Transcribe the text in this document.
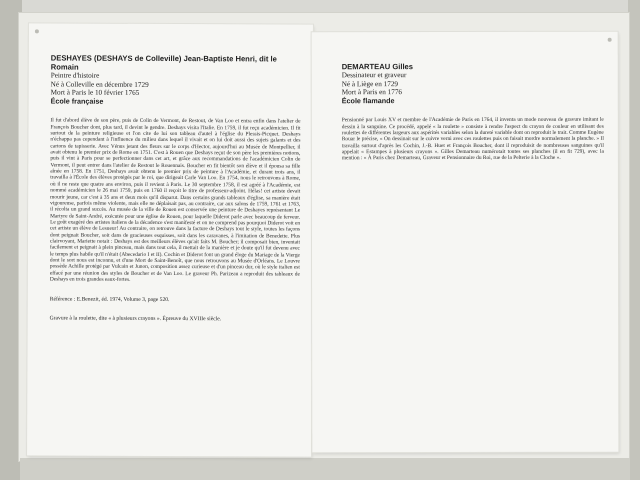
DESHAYES (DESHAYS de Colleville) Jean-Baptiste Henri, dit le Romain
Peintre d'histoire
Né à Colleville en décembre 1729
Mort à Paris le 10 février 1765
École française

Il fut d'abord élève de son père, puis de Colin de Vermont, de Restout, de Van Loo et entra enfin dans l'atelier de François Boucher dont, plus tard, il devint le gendre. Deshays visita l'Italie. En 1759, il fut reçu académicien. Il fit surtout de la peinture religieuse et l'on cite de lui son tableau d'autel à l'église du Plessis-Picquet. Deshays n'échappa pas cependant à l'influence du milieu dans lequel il vivait et on lui doit aussi des sujets galants et des cartons de tapisserie. Avec Vénus jetant des fleurs sur le corps d'Hector, aujourd'hui au Musée de Montpellier, il avait obtenu le premier prix de Rome en 1751. C'est à Rouen que Deshays reçut de son père les premières notions, puis il vint à Paris pour se perfectionner dans cet art, et grâce aux recommandations de l'académicien Colin de Vermont, il peut entrer dans l'atelier de Restout le Rouennais. Boucher en fit bientôt son élève et il épousa sa fille aînée en 1758. En 1751, Deshays avait obtenu le premier prix de peinture à l'Académie, et durant trois ans, il travailla à l'École des élèves protégés par le roi, que dirigeait Carle Van Loo. En 1754, nous le retrouvons à Rome, où il ne reste que quatre ans environ, puis il revient à Paris. Le 30 septembre 1758, il est agréé à l'Académie, est nommé académicien le 26 mai 1759, puis en 1760 il reçoit le titre de professeur-adjoint. Hélas! cet artiste devait mourir jeune, car c'est à 35 ans et deux mois qu'il disparut. Dans certains grands tableaux d'église, sa manière était vigoureuse, parfois même violente, mais elle ne déplaisait pas, au contraire, car aux salons de 1759, 1761 et 1763, il récolta un grand succès. Au musée de la ville de Rouen est conservée une peinture de Deshayes représentant Le Martyre de Saint-André, exécutée pour une église de Rouen, pour laquelle Diderot parle avec beaucoup de ferveur. Le goût exagéré des artistes italiens de la décadence s'est manifesté et on ne comprend pas pourquoi Diderot voit en cet artiste un élève de Lesueur! Au contraire, on retrouve dans la facture de Deshays tout le style, toutes les façons dont peignait Boucher, soit dans de gracieuses esquisses, soit dans les caravanes, à l'imitation de Benedette. Plus clairvoyant, Mariette notait : Deshays est des meilleurs élèves qu'ait faits M. Boucher; il composait bien, inventait facilement et peignait à plein pinceau, mais dans tout cela, il mettait de la manière et je doute qu'il fut devenu avec le temps plus habile qu'il n'était (Abecedario I et II). Cochin et Diderot font un grand éloge du Mariage de la Vierge dont le sort nous est inconnu, et d'une Mort de Saint-Benoît, que nous retrouvons au Musée d'Orléans. Le Louvre possède Achille protégé par Vulcain et Junon, composition assez curieuse et d'un pinceau dur, où le style italien est effacé par une réunion des styles de Boucher et de Van Loo. Le graveur Ph. Parizeau a reproduit des tableaux de Deshays en trois grandes eaux-fortes.

Référence : E.Benezit, éd. 1974, Volume 3, page 520.

Gravure à la roulette, dite « à plusieurs crayons ». Épreuve du XVIIIe siècle.

DEMARTEAU Gilles
Dessinateur et graveur
Né à Liège en 1729
Mort à Paris en 1776
École flamande

Pensionné par Louis XV et membre de l'Académie de Paris en 1764, il inventa un mode nouveau de gravure imitant le dessin à la sanguine. Ce procédé, appelé « la roulette » consiste à rendre l'aspect du crayon de couleur en utilisant des roulettes de différentes largeurs aux aspérités variables selon la dureté variable dont on reproduit le trait. Comme Eugène Rouar le précise, « On dessinait sur le cuivre verni avec ces roulettes puis on faisait mordre normalement la planche. » Il travailla surtout d'après les Cochin, J.-B. Huet et François Boucher, dont il reproduisit de nombreuses sanguines qu'il appelait « Estampes à plusieurs crayons ». Gilles Demarteau numérotait toutes ses planches (il en fit 729), avec la mention : « À Paris chez Demarteau, Graveur et Pensionnaire du Roi, rue de la Pelterie à la Cloche ».
